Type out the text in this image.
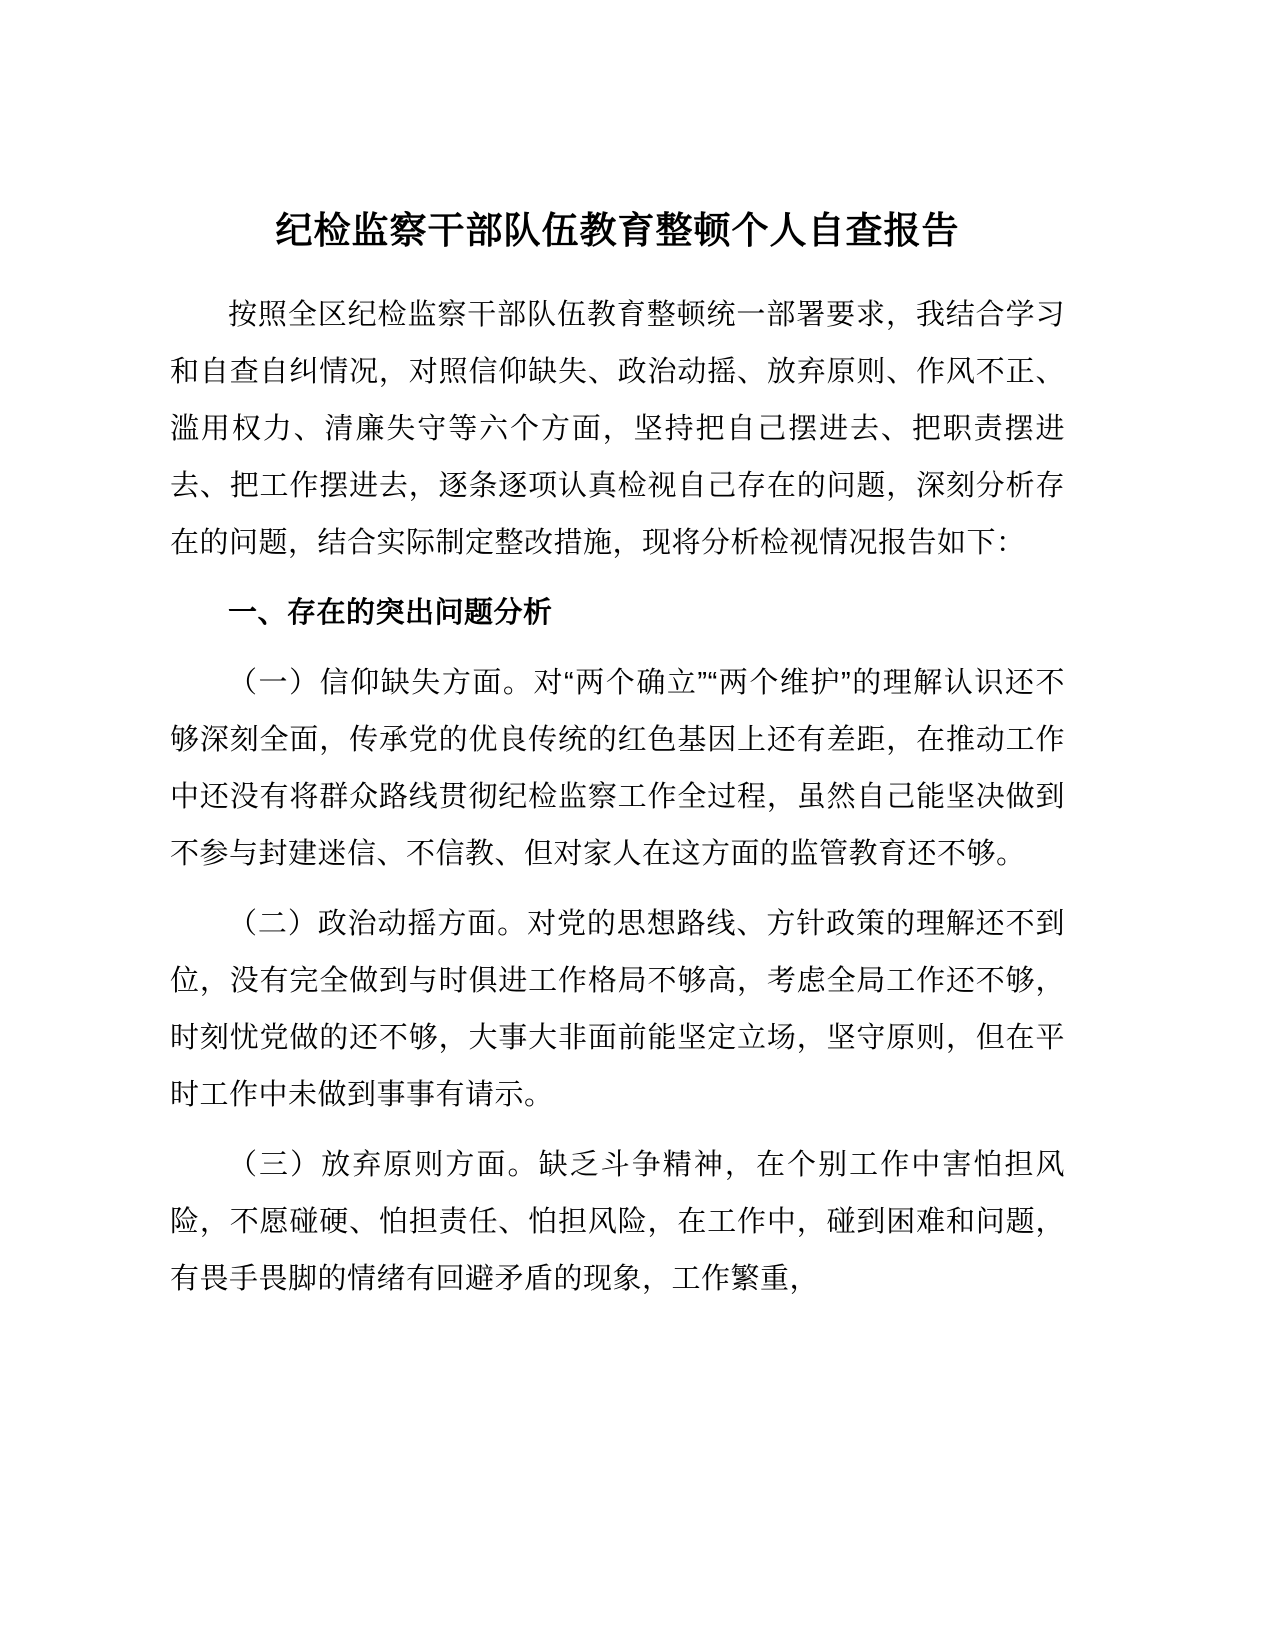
纪检监察干部队伍教育整顿个人自查报告

按照全区纪检监察干部队伍教育整顿统一部署要求，我结合学习和自查自纠情况，对照信仰缺失、政治动摇、放弃原则、作风不正、滥用权力、清廉失守等六个方面，坚持把自己摆进去、把职责摆进去、把工作摆进去，逐条逐项认真检视自己存在的问题，深刻分析存在的问题，结合实际制定整改措施，现将分析检视情况报告如下：

一、存在的突出问题分析

（一）信仰缺失方面。对“两个确立”“两个维护”的理解认识还不够深刻全面，传承党的优良传统的红色基因上还有差距，在推动工作中还没有将群众路线贯彻纪检监察工作全过程，虽然自己能坚决做到不参与封建迷信、不信教、但对家人在这方面的监管教育还不够。

（二）政治动摇方面。对党的思想路线、方针政策的理解还不到位，没有完全做到与时俱进工作格局不够高，考虑全局工作还不够，时刻忧党做的还不够，大事大非面前能坚定立场，坚守原则，但在平时工作中未做到事事有请示。

（三）放弃原则方面。缺乏斗争精神，在个别工作中害怕担风险，不愿碰硬、怕担责任、怕担风险，在工作中，碰到困难和问题，有畏手畏脚的情绪有回避矛盾的现象，工作繁重，
